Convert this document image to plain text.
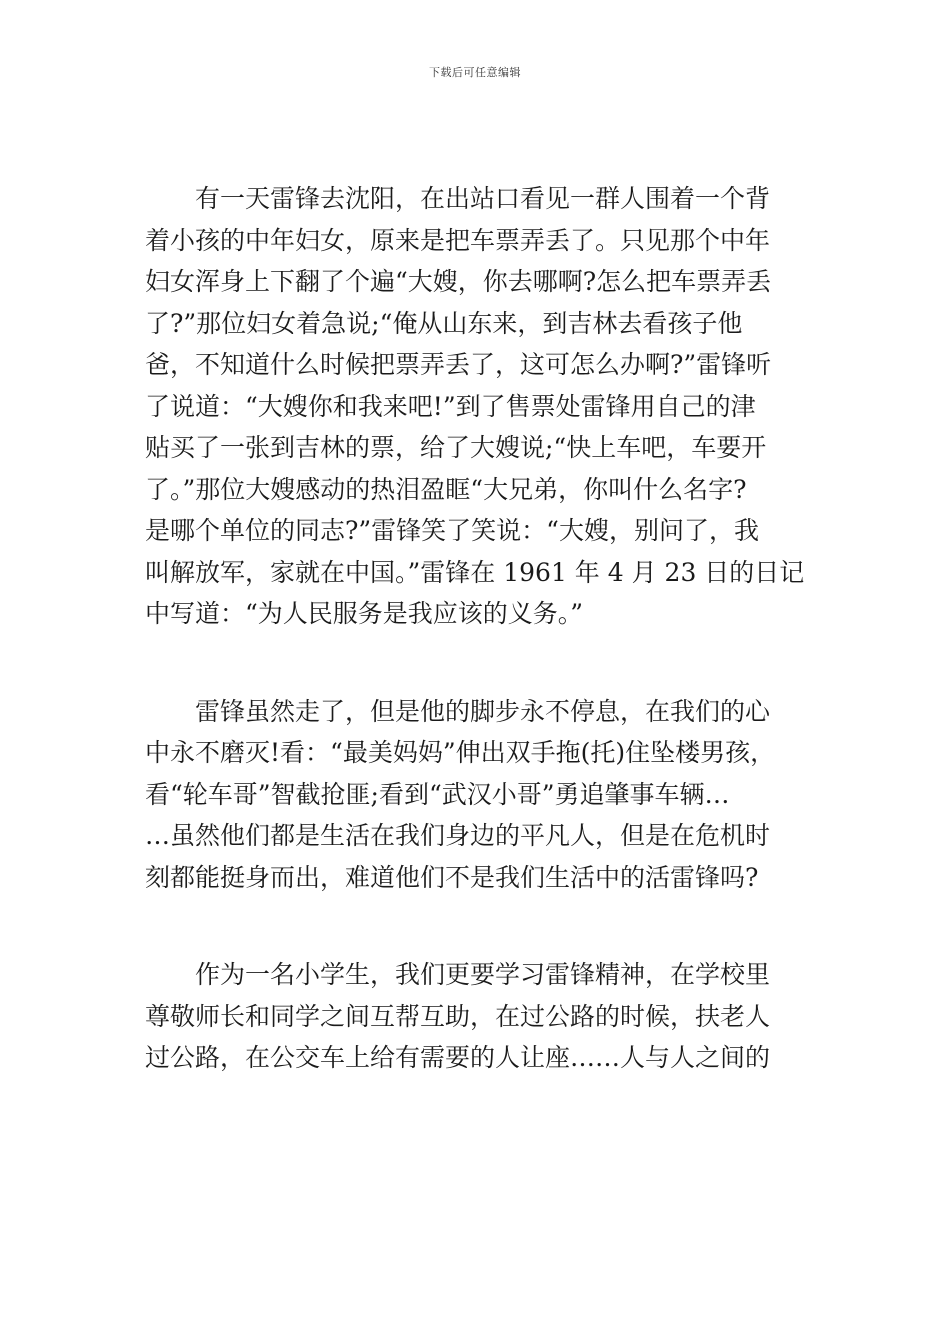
下载后可任意编辑
　　有一天雷锋去沈阳，在出站口看见一群人围着一个背
着小孩的中年妇女，原来是把车票弄丢了。只见那个中年
妇女浑身上下翻了个遍“大嫂，你去哪啊?怎么把车票弄丢
了?”那位妇女着急说;“俺从山东来，到吉林去看孩子他
爸，不知道什么时候把票弄丢了，这可怎么办啊?”雷锋听
了说道：“大嫂你和我来吧!”到了售票处雷锋用自己的津
贴买了一张到吉林的票，给了大嫂说;“快上车吧，车要开
了。”那位大嫂感动的热泪盈眶“大兄弟，你叫什么名字?
是哪个单位的同志?”雷锋笑了笑说：“大嫂，别问了，我
叫解放军，家就在中国。”雷锋在 1961 年 4 月 23 日的日记
中写道：“为人民服务是我应该的义务。”
　　雷锋虽然走了，但是他的脚步永不停息，在我们的心
中永不磨灭!看：“最美妈妈”伸出双手拖(托)住坠楼男孩，
看“轮车哥”智截抢匪;看到“武汉小哥”勇追肇事车辆…
…虽然他们都是生活在我们身边的平凡人，但是在危机时
刻都能挺身而出，难道他们不是我们生活中的活雷锋吗?
　　作为一名小学生，我们更要学习雷锋精神，在学校里
尊敬师长和同学之间互帮互助，在过公路的时候，扶老人
过公路，在公交车上给有需要的人让座……人与人之间的
